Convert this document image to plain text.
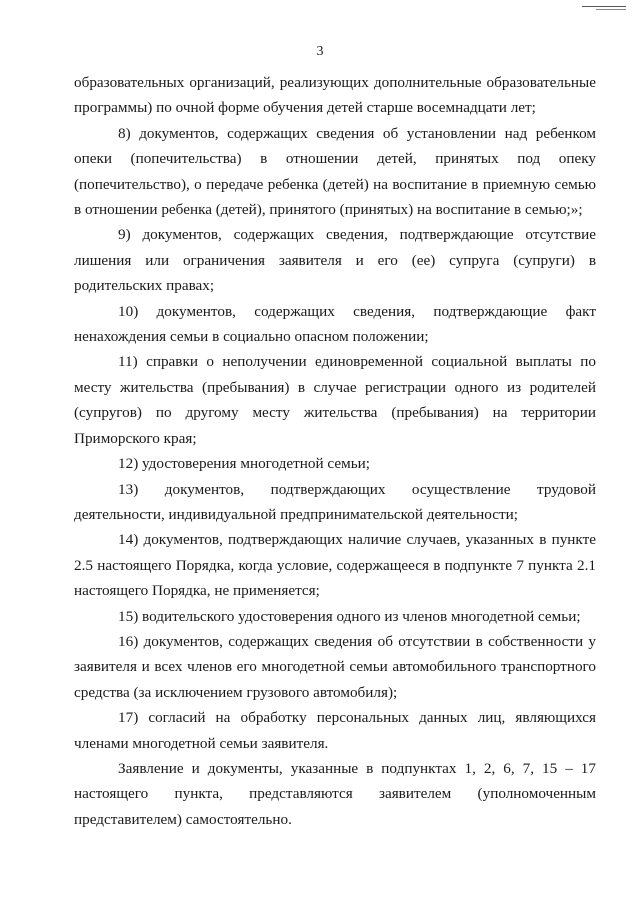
3

образовательных организаций, реализующих дополнительные образовательные программы) по очной форме обучения детей старше восемнадцати лет;

8) документов, содержащих сведения об установлении над ребенком опеки (попечительства) в отношении детей, принятых под опеку (попечительство), о передаче ребенка (детей) на воспитание в приемную семью в отношении ребенка (детей), принятого (принятых) на воспитание в семью;»;

9) документов, содержащих сведения, подтверждающие отсутствие лишения или ограничения заявителя и его (ее) супруга (супруги) в родительских правах;

10) документов, содержащих сведения, подтверждающие факт ненахождения семьи в социально опасном положении;

11) справки о неполучении единовременной социальной выплаты по месту жительства (пребывания) в случае регистрации одного из родителей (супругов) по другому месту жительства (пребывания) на территории Приморского края;

12) удостоверения многодетной семьи;

13) документов, подтверждающих осуществление трудовой деятельности, индивидуальной предпринимательской деятельности;

14) документов, подтверждающих наличие случаев, указанных в пункте 2.5 настоящего Порядка, когда условие, содержащееся в подпункте 7 пункта 2.1 настоящего Порядка, не применяется;

15) водительского удостоверения одного из членов многодетной семьи;

16) документов, содержащих сведения об отсутствии в собственности у заявителя и всех членов его многодетной семьи автомобильного транспортного средства (за исключением грузового автомобиля);

17) согласий на обработку персональных данных лиц, являющихся членами многодетной семьи заявителя.

Заявление и документы, указанные в подпунктах 1, 2, 6, 7, 15 – 17 настоящего пункта, представляются заявителем (уполномоченным представителем) самостоятельно.
